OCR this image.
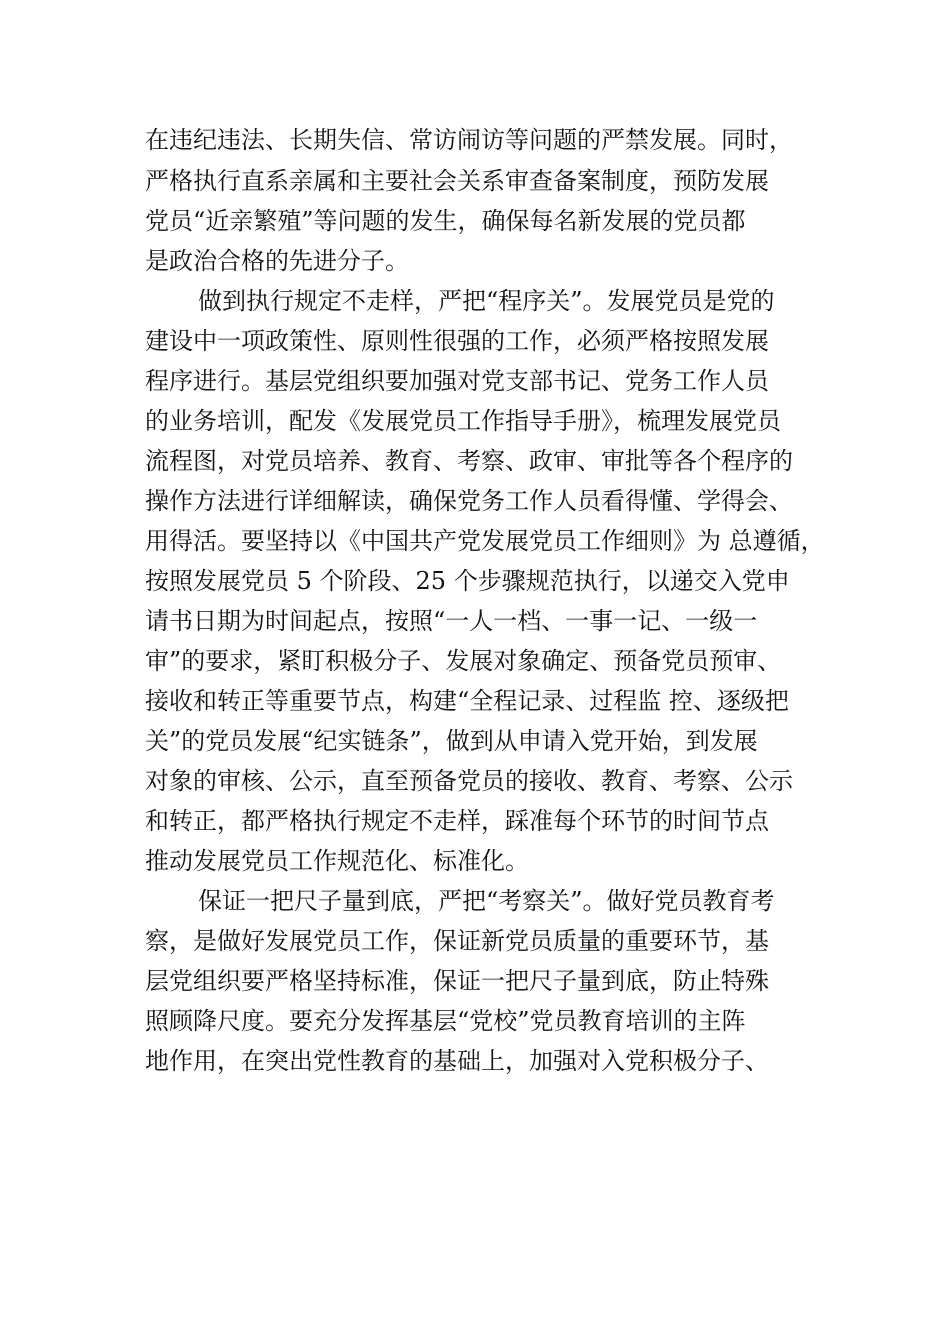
在违纪违法、长期失信、常访闹访等问题的严禁发展。同时，

严格执行直系亲属和主要社会关系审查备案制度，预防发展

党员“近亲繁殖”等问题的发生，确保每名新发展的党员都

是政治合格的先进分子。

做到执行规定不走样，严把“程序关”。发展党员是党的

建设中一项政策性、原则性很强的工作，必须严格按照发展

程序进行。基层党组织要加强对党支部书记、党务工作人员

的业务培训，配发《发展党员工作指导手册》，梳理发展党员

流程图，对党员培养、教育、考察、政审、审批等各个程序的

操作方法进行详细解读，确保党务工作人员看得懂、学得会、

用得活。要坚持以《中国共产党发展党员工作细则》为 总遵循，

按照发展党员 5 个阶段、25 个步骤规范执行，以递交入党申

请书日期为时间起点，按照“一人一档、一事一记、一级一

审”的要求，紧盯积极分子、发展对象确定、预备党员预审、

接收和转正等重要节点，构建“全程记录、过程监 控、逐级把

关”的党员发展“纪实链条”，做到从申请入党开始，到发展

对象的审核、公示，直至预备党员的接收、教育、考察、公示

和转正，都严格执行规定不走样，踩准每个环节的时间节点

推动发展党员工作规范化、标准化。

保证一把尺子量到底，严把“考察关”。做好党员教育考

察，是做好发展党员工作，保证新党员质量的重要环节，基

层党组织要严格坚持标准，保证一把尺子量到底，防止特殊

照顾降尺度。要充分发挥基层“党校”党员教育培训的主阵

地作用，在突出党性教育的基础上，加强对入党积极分子、
